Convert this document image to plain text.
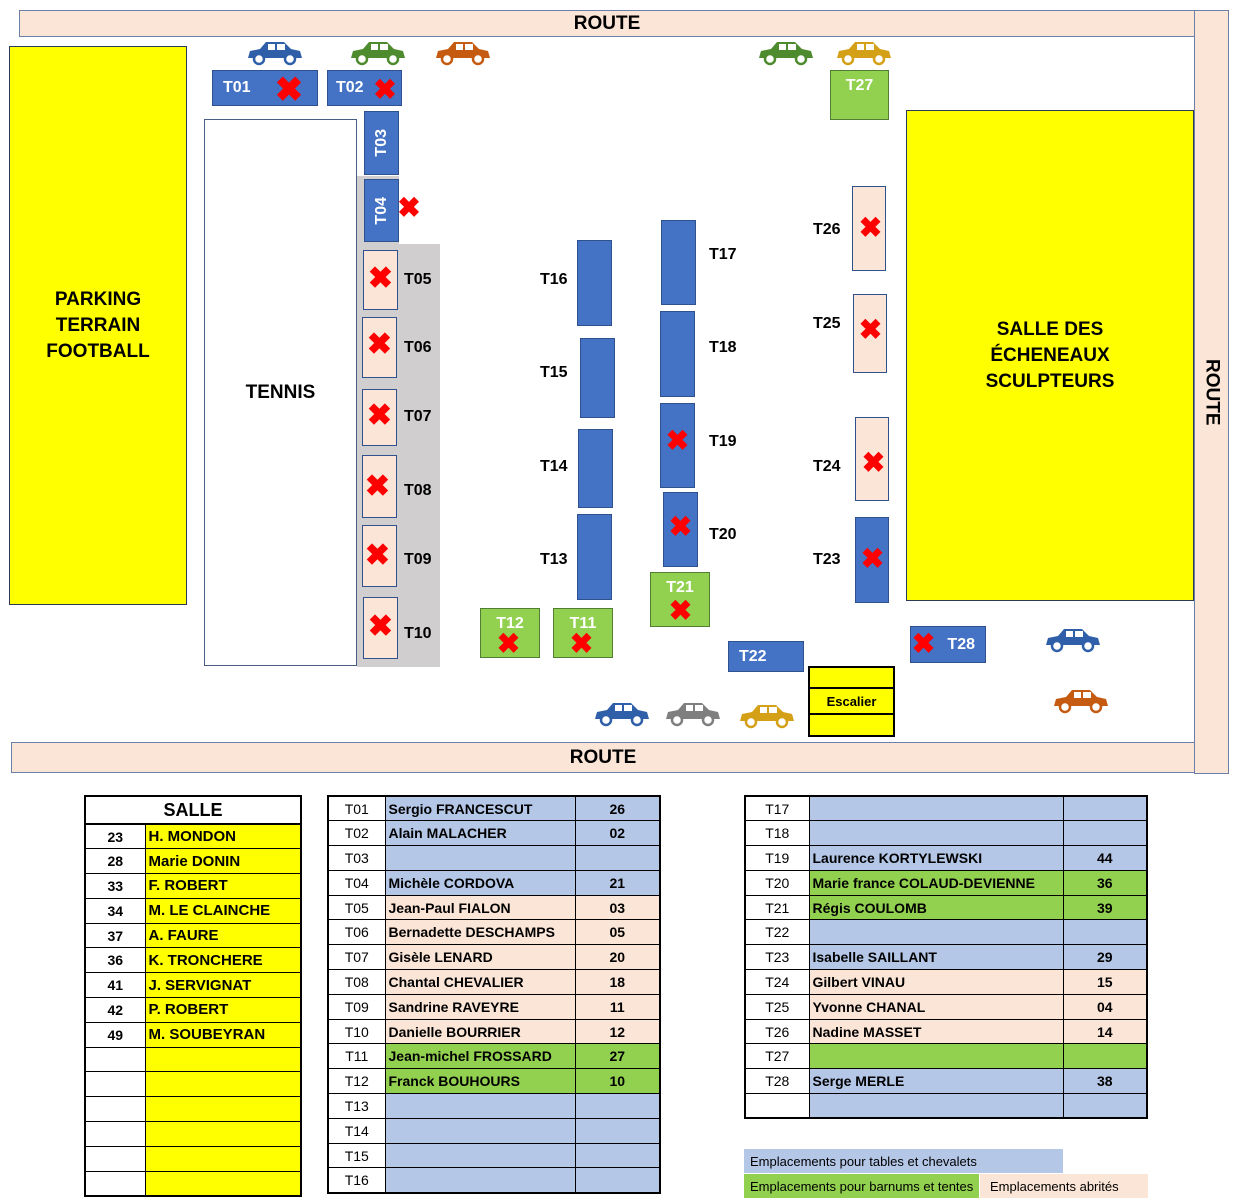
ROUTE
ROUTE
ROUTE
PARKING TERRAIN FOOTBALL
TENNIS
SALLE DES ÉCHENEAUX SCULPTEURS
T01 ✖	T02 ✖
T03
T04 ✖
✖ T05
✖ T06
✖ T07
✖ T08
✖ T09
✖ T10
T12
✖
T11
✖
T16
T15
T14
T13
T17
T18
✖	T19
✖	T20
T21
✖
T22
Escalier
✖
T26
✖
T25
✖
T24
✖
T23
T27
T28
✖
SALLE	
23	H. MONDON
28	Marie DONIN
33	F. ROBERT
34	M. LE CLAINCHE
37	A. FAURE
36	K. TRONCHERE
41	J. SERVIGNAT
42	P. ROBERT
49	M. SOUBEYRAN

T01	Sergio FRANCESCUT	26
T02	Alain MALACHER	02
T03		
T04	Michèle CORDOVA	21
T05	Jean-Paul FIALON	03
T06	Bernadette DESCHAMPS	05
T07	Gisèle LENARD	20
T08	Chantal CHEVALIER	18
T09	Sandrine RAVEYRE	11
T10	Danielle BOURRIER	12
T11	Jean-michel FROSSARD	27
T12	Franck BOUHOURS	10
T13		
T14		
T15		
T16		
T17		
T18		
T19	Laurence KORTYLEWSKI	44
T20	Marie france COLAUD-DEVIENNE	36
T21	Régis COULOMB	39
T22		
T23	Isabelle SAILLANT	29
T24	Gilbert VINAU	15
T25	Yvonne CHANAL	04
T26	Nadine MASSET	14
T27		
T28	Serge MERLE	38

Emplacements pour tables et chevalets
Emplacements pour barnums et tentes	Emplacements abrités
